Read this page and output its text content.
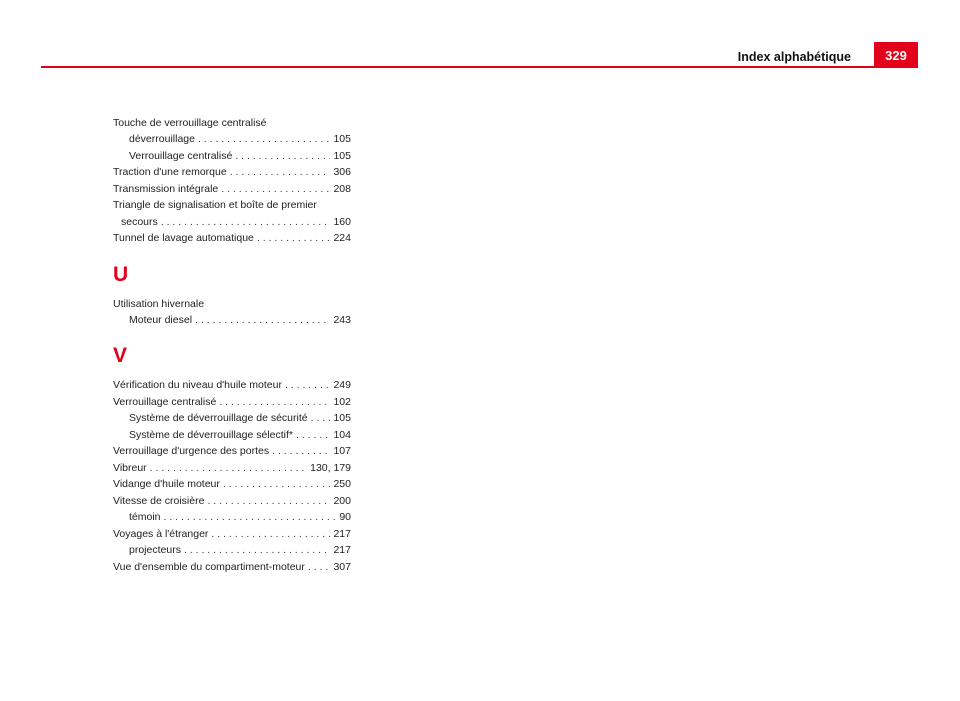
Index alphabétique	329
Touche de verrouillage centralisé
déverrouillage . . .	105
Verrouillage centralisé . . .	105
Traction d'une remorque . . .	306
Transmission intégrale . . .	208
Triangle de signalisation et boîte de premier
secours . . .	160
Tunnel de lavage automatique . . .	224
U
Utilisation hivernale
Moteur diesel . . .	243
V
Vérification du niveau d'huile moteur . . .	249
Verrouillage centralisé . . .	102
Système de déverrouillage de sécurité . . . 105
Système de déverrouillage sélectif* . . .	104
Verrouillage d'urgence des portes . . .	107
Vibreur . . .	130, 179
Vidange d'huile moteur . . .	250
Vitesse de croisière . . .	200
témoin . . .	90
Voyages à l'étranger . . .	217
projecteurs . . .	217
Vue d'ensemble du compartiment-moteur . . .	307
